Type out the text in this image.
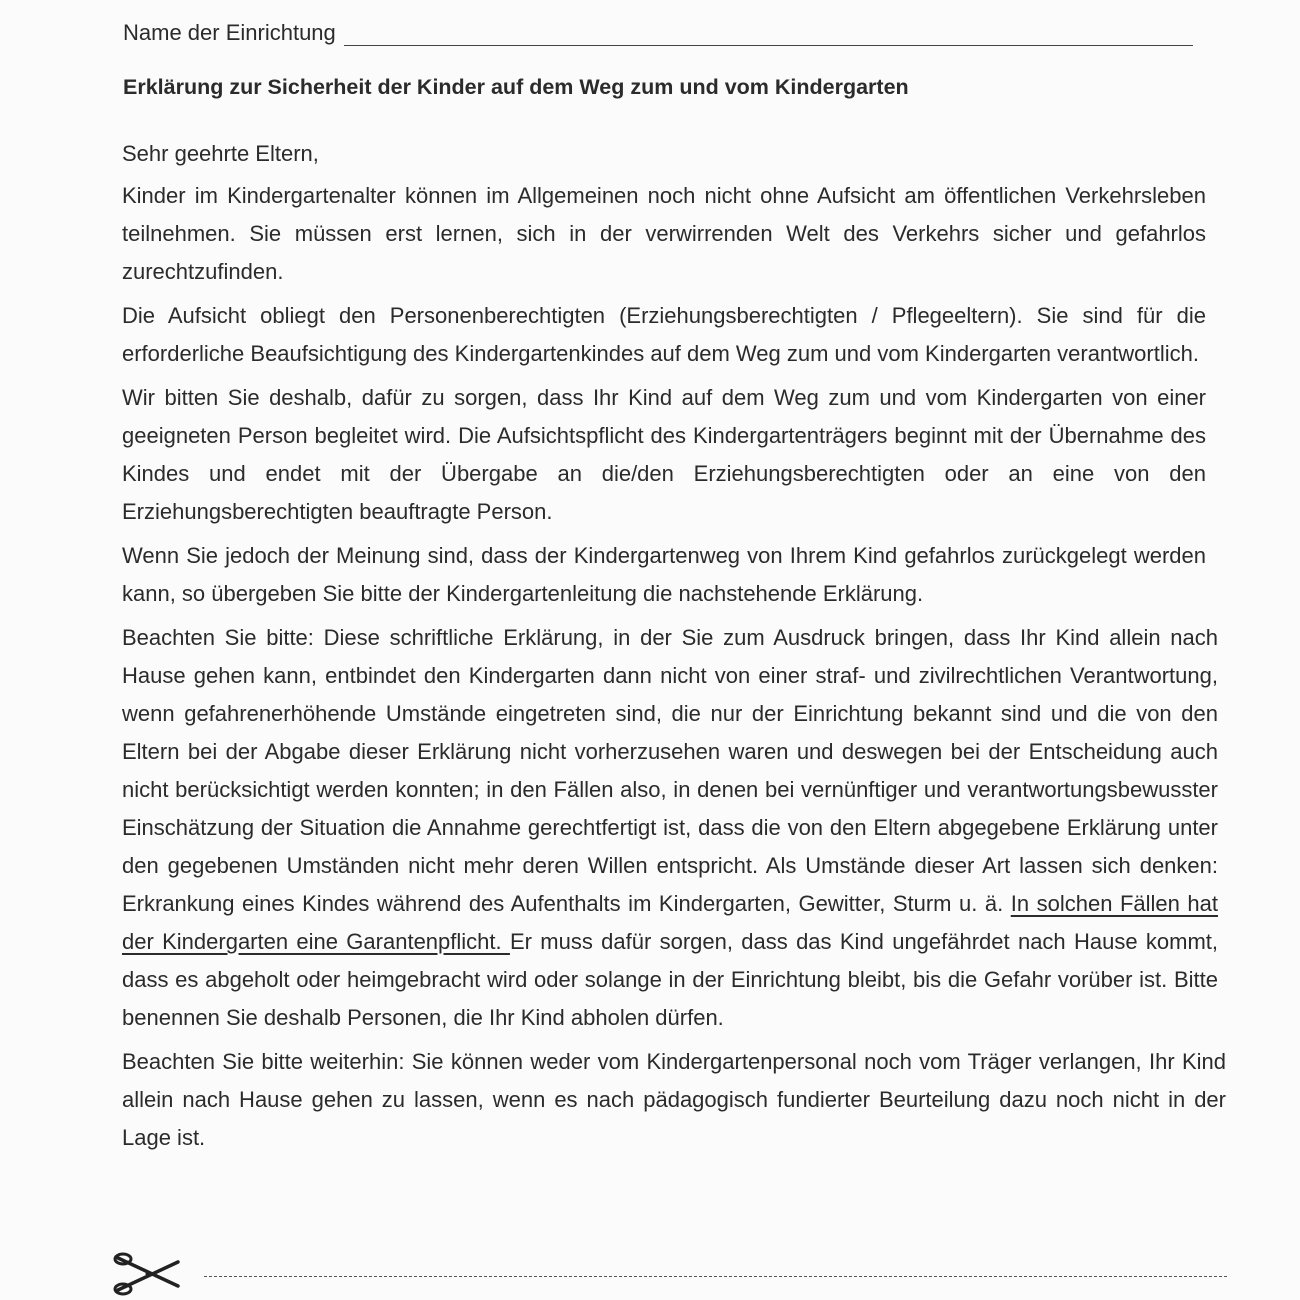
Name der Einrichtung
Erklärung zur Sicherheit der Kinder auf dem Weg zum und vom Kindergarten

Sehr geehrte Eltern,

Kinder im Kindergartenalter können im Allgemeinen noch nicht ohne Aufsicht am öffentlichen Verkehrsleben teilnehmen. Sie müssen erst lernen, sich in der verwirrenden Welt des Verkehrs sicher und gefahrlos zurechtzufinden.

Die Aufsicht obliegt den Personenberechtigten (Erziehungsberechtigten / Pflegeeltern). Sie sind für die erforderliche Beaufsichtigung des Kindergartenkindes auf dem Weg zum und vom Kindergarten verantwortlich.

Wir bitten Sie deshalb, dafür zu sorgen, dass Ihr Kind auf dem Weg zum und vom Kindergarten von einer geeigneten Person begleitet wird. Die Aufsichtspflicht des Kindergartenträgers beginnt mit der Übernahme des Kindes und endet mit der Übergabe an die/den Erziehungsberechtigten oder an eine von den Erziehungsberechtigten beauftragte Person.

Wenn Sie jedoch der Meinung sind, dass der Kindergartenweg von Ihrem Kind gefahrlos zurückgelegt werden kann, so übergeben Sie bitte der Kindergartenleitung die nachstehende Erklärung.

Beachten Sie bitte: Diese schriftliche Erklärung, in der Sie zum Ausdruck bringen, dass Ihr Kind allein nach Hause gehen kann, entbindet den Kindergarten dann nicht von einer straf- und zivilrechtlichen Verantwortung, wenn gefahrenerhöhende Umstände eingetreten sind, die nur der Einrichtung bekannt sind und die von den Eltern bei der Abgabe dieser Erklärung nicht vorherzusehen waren und deswegen bei der Entscheidung auch nicht berücksichtigt werden konnten; in den Fällen also, in denen bei vernünftiger und verantwortungsbewusster Einschätzung der Situation die Annahme gerechtfertigt ist, dass die von den Eltern abgegebene Erklärung unter den gegebenen Umständen nicht mehr deren Willen entspricht. Als Umstände dieser Art lassen sich denken: Erkrankung eines Kindes während des Aufenthalts im Kindergarten, Gewitter, Sturm u. ä. In solchen Fällen hat der Kindergarten eine Garantenpflicht. Er muss dafür sorgen, dass das Kind ungefährdet nach Hause kommt, dass es abgeholt oder heimgebracht wird oder solange in der Einrichtung bleibt, bis die Gefahr vorüber ist. Bitte benennen Sie deshalb Personen, die Ihr Kind abholen dürfen.

Beachten Sie bitte weiterhin: Sie können weder vom Kindergartenpersonal noch vom Träger verlangen, Ihr Kind allein nach Hause gehen zu lassen, wenn es nach pädagogisch fundierter Beurteilung dazu noch nicht in der Lage ist.
